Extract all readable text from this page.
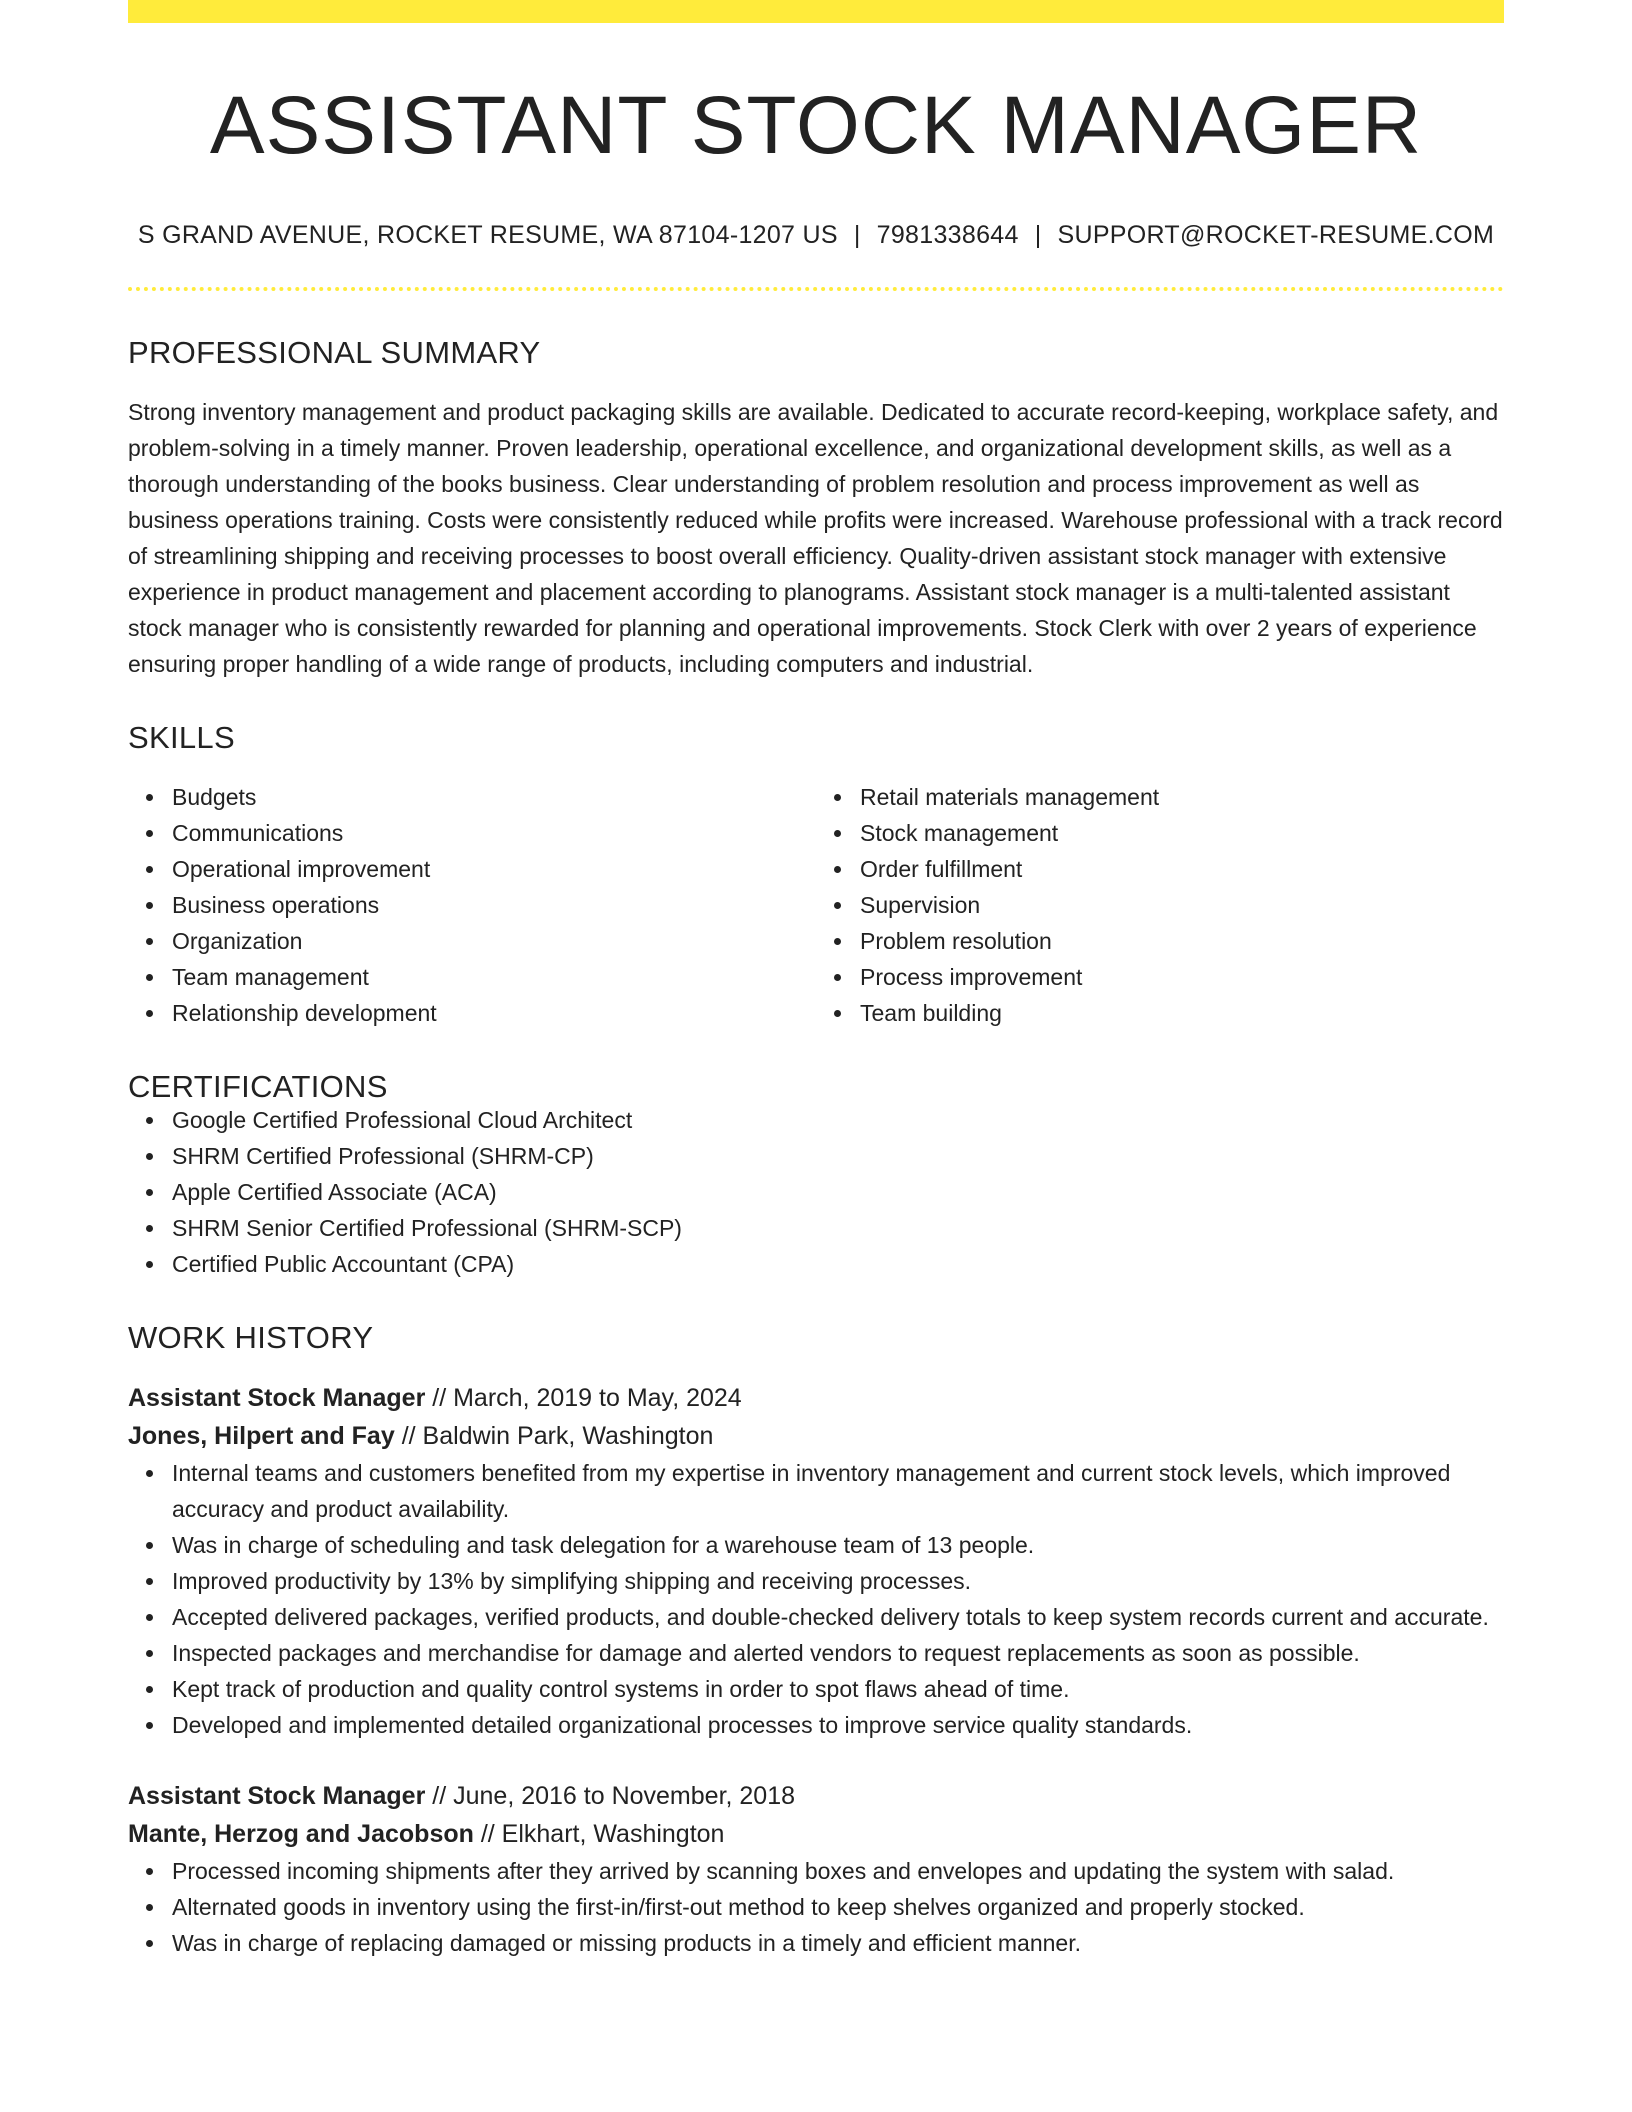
ASSISTANT STOCK MANAGER
S GRAND AVENUE, ROCKET RESUME, WA 87104-1207 US | 7981338644 | SUPPORT@ROCKET-RESUME.COM
PROFESSIONAL SUMMARY
Strong inventory management and product packaging skills are available. Dedicated to accurate record-keeping, workplace safety, and problem-solving in a timely manner. Proven leadership, operational excellence, and organizational development skills, as well as a thorough understanding of the books business. Clear understanding of problem resolution and process improvement as well as business operations training. Costs were consistently reduced while profits were increased. Warehouse professional with a track record of streamlining shipping and receiving processes to boost overall efficiency. Quality-driven assistant stock manager with extensive experience in product management and placement according to planograms. Assistant stock manager is a multi-talented assistant stock manager who is consistently rewarded for planning and operational improvements. Stock Clerk with over 2 years of experience ensuring proper handling of a wide range of products, including computers and industrial.
SKILLS
Budgets
Communications
Operational improvement
Business operations
Organization
Team management
Relationship development
Retail materials management
Stock management
Order fulfillment
Supervision
Problem resolution
Process improvement
Team building
CERTIFICATIONS
Google Certified Professional Cloud Architect
SHRM Certified Professional (SHRM-CP)
Apple Certified Associate (ACA)
SHRM Senior Certified Professional (SHRM-SCP)
Certified Public Accountant (CPA)
WORK HISTORY
Assistant Stock Manager // March, 2019 to May, 2024
Jones, Hilpert and Fay // Baldwin Park, Washington
Internal teams and customers benefited from my expertise in inventory management and current stock levels, which improved accuracy and product availability.
Was in charge of scheduling and task delegation for a warehouse team of 13 people.
Improved productivity by 13% by simplifying shipping and receiving processes.
Accepted delivered packages, verified products, and double-checked delivery totals to keep system records current and accurate.
Inspected packages and merchandise for damage and alerted vendors to request replacements as soon as possible.
Kept track of production and quality control systems in order to spot flaws ahead of time.
Developed and implemented detailed organizational processes to improve service quality standards.
Assistant Stock Manager // June, 2016 to November, 2018
Mante, Herzog and Jacobson // Elkhart, Washington
Processed incoming shipments after they arrived by scanning boxes and envelopes and updating the system with salad.
Alternated goods in inventory using the first-in/first-out method to keep shelves organized and properly stocked.
Was in charge of replacing damaged or missing products in a timely and efficient manner.
